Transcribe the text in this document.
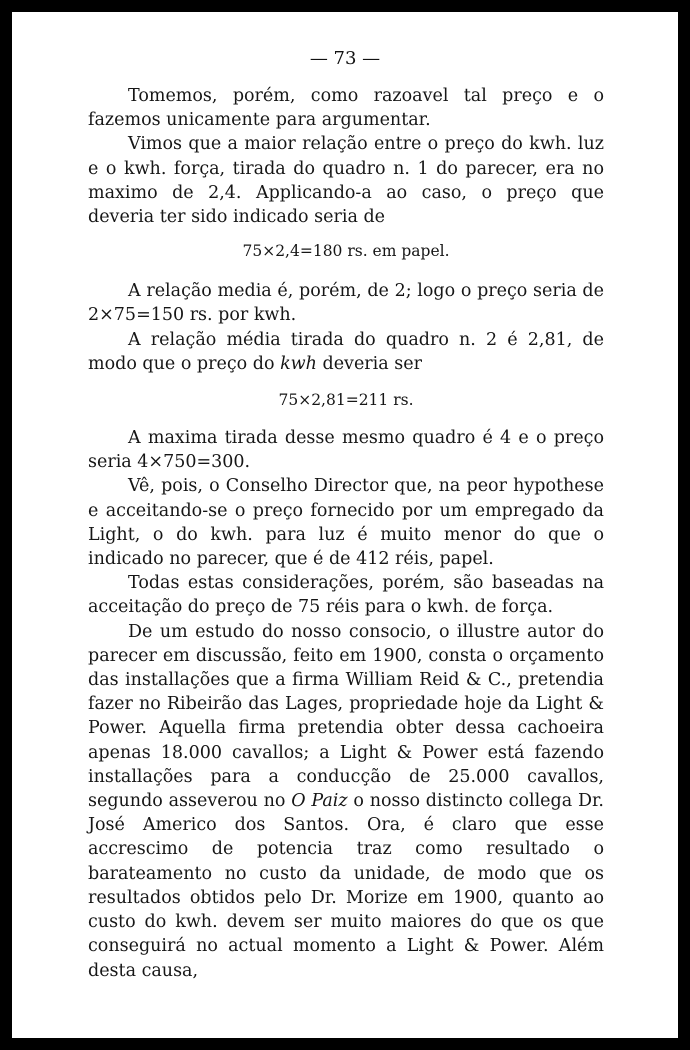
— 73 —

Tomemos, porém, como razoavel tal preço e o fazemos unicamente para argumentar.

Vimos que a maior relação entre o preço do kwh. luz e o kwh. força, tirada do quadro n. 1 do parecer, era no maximo de 2,4. Applicando-a ao caso, o preço que deveria ter sido indicado seria de

75×2,4=180 rs. em papel.

A relação media é, porém, de 2; logo o preço seria de 2×75=150 rs. por kwh.

A relação média tirada do quadro n. 2 é 2,81, de modo que o preço do kwh deveria ser

75×2,81=211 rs.

A maxima tirada desse mesmo quadro é 4 e o preço seria 4×750=300.

Vê, pois, o Conselho Director que, na peor hypothese e acceitando-se o preço fornecido por um empregado da Light, o do kwh. para luz é muito menor do que o indicado no parecer, que é de 412 réis, papel.

Todas estas considerações, porém, são baseadas na acceitação do preço de 75 réis para o kwh. de força.

De um estudo do nosso consocio, o illustre autor do parecer em discussão, feito em 1900, consta o orçamento das installações que a firma William Reid & C., pretendia fazer no Ribeirão das Lages, propriedade hoje da Light & Power. Aquella firma pretendia obter dessa cachoeira apenas 18.000 cavallos; a Light & Power está fazendo installações para a conducção de 25.000 cavallos, segundo asseverou no O Paiz o nosso distincto collega Dr. José Americo dos Santos. Ora, é claro que esse accrescimo de potencia traz como resultado o barateamento no custo da unidade, de modo que os resultados obtidos pelo Dr. Morize em 1900, quanto ao custo do kwh. devem ser muito maiores do que os que conseguirá no actual momento a Light & Power. Além desta causa,
